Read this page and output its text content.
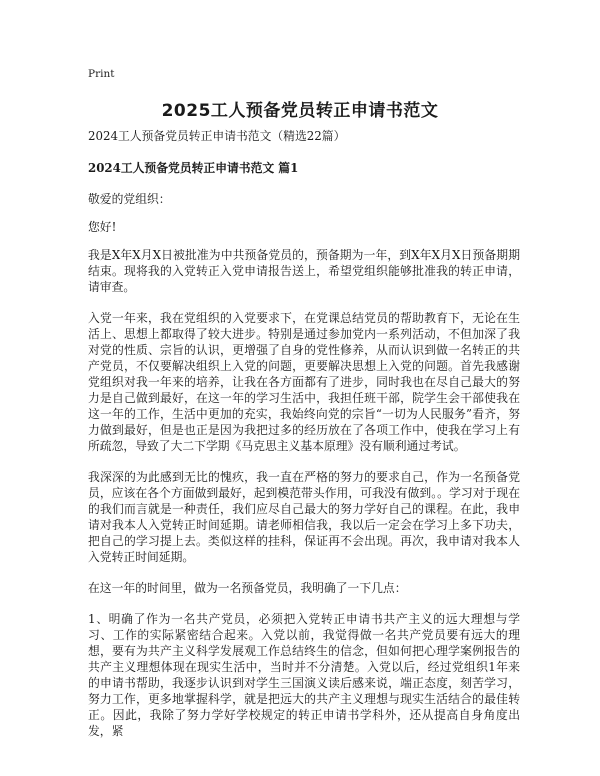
Print
2025工人预备党员转正申请书范文

2024工人预备党员转正申请书范文（精选22篇）

2024工人预备党员转正申请书范文 篇1

敬爱的党组织：

您好!

我是X年X月X日被批准为中共预备党员的，预备期为一年，到X年X月X日预备期期结束。现将我的入党转正入党申请报告送上，希望党组织能够批准我的转正申请，请审查。

入党一年来，我在党组织的入党要求下，在党课总结党员的帮助教育下，无论在生活上、思想上都取得了较大进步。特别是通过参加党内一系列活动，不但加深了我对党的性质、宗旨的认识，更增强了自身的党性修养，从而认识到做一名转正的共产党员，不仅要解决组织上入党的问题，更要解决思想上入党的问题。首先我感谢党组织对我一年来的培养，让我在各方面都有了进步，同时我也在尽自己最大的努力是自己做到最好，在这一年的学习生活中，我担任班干部，院学生会干部使我在这一年的工作，生活中更加的充实，我始终向党的宗旨“一切为人民服务”看齐，努力做到最好，但是也正是因为我把过多的经历放在了各项工作中，使我在学习上有所疏忽，导致了大二下学期《马克思主义基本原理》没有顺利通过考试。

我深深的为此感到无比的愧疚，我一直在严格的努力的要求自己，作为一名预备党员，应该在各个方面做到最好，起到模范带头作用，可我没有做到。。学习对于现在的我们而言就是一种责任，我们应尽自己最大的努力学好自己的课程。在此，我申请对我本人入党转正时间延期。请老师相信我，我以后一定会在学习上多下功夫，把自己的学习提上去。类似这样的挂科，保证再不会出现。再次，我申请对我本人入党转正时间延期。

在这一年的时间里，做为一名预备党员，我明确了一下几点：

1、明确了作为一名共产党员，必须把入党转正申请书共产主义的远大理想与学习、工作的实际紧密结合起来。入党以前，我觉得做一名共产党员要有远大的理想，要有为共产主义科学发展观工作总结终生的信念，但如何把心理学案例报告的共产主义理想体现在现实生活中，当时并不分清楚。入党以后，经过党组织1年来的申请书帮助，我逐步认识到对学生三国演义读后感来说，端正态度，刻苦学习，努力工作，更多地掌握科学，就是把远大的共产主义理想与现实生活结合的最佳转正。因此，我除了努力学好学校规定的转正申请书学科外，还从提高自身角度出发，紧
